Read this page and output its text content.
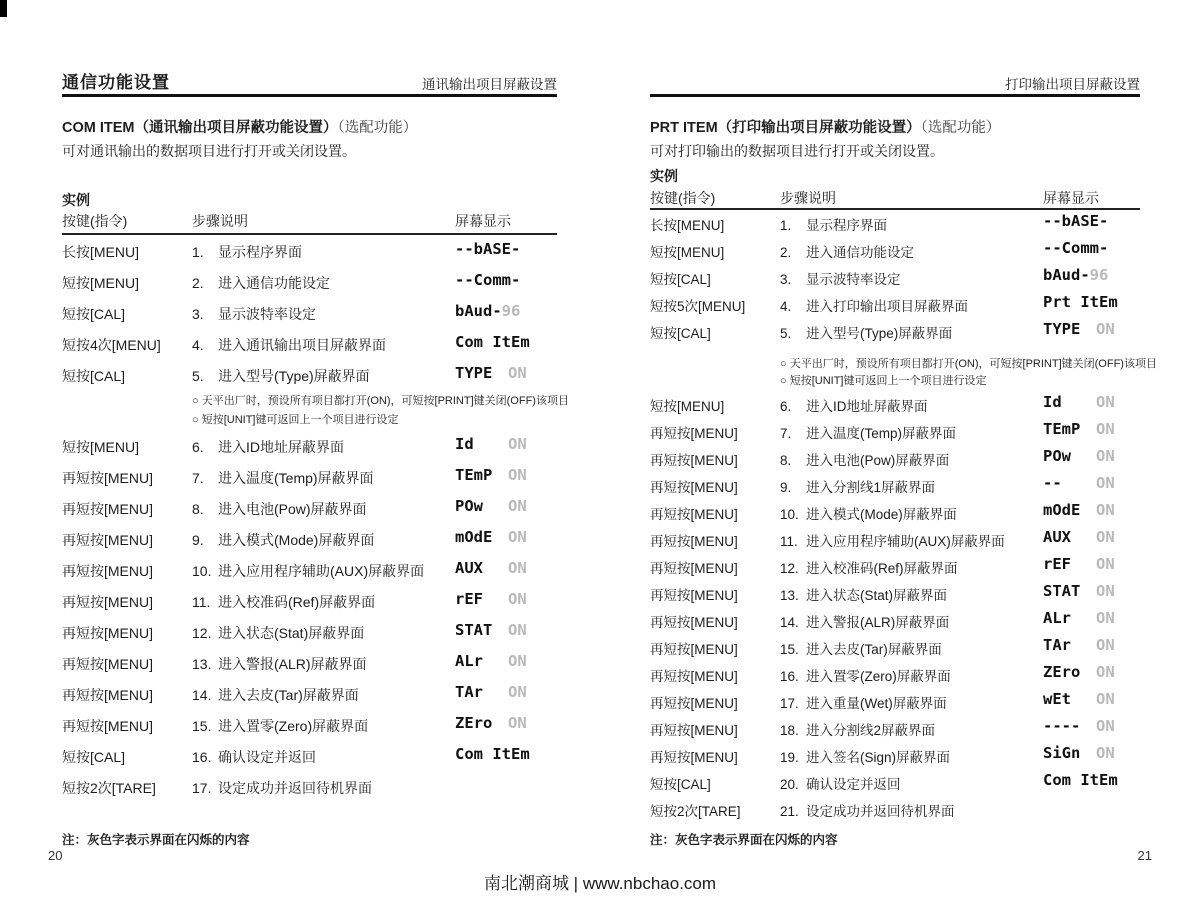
通信功能设置	通讯输出项目屏蔽设置
COM ITEM（通讯输出项目屏蔽功能设置）（选配功能）
可对通讯输出的数据项目进行打开或关闭设置。
实例
按键(指令)	步骤说明	屏幕显示
长按[MENU]	1. 显示程序界面	--bASE-
短按[MENU]	2. 进入通信功能设定	--Comm-
短按[CAL]	3. 显示波特率设定	bAud-96
短按4次[MENU] 4. 进入通讯输出项目屏蔽界面	Com ItEm
短按[CAL]	5. 进入型号(Type)屏蔽界面	TYPE ON
○ 天平出厂时，预设所有项目都打开(ON)，可短按[PRINT]键关闭(OFF)该项目
○ 短按[UNIT]键可返回上一个项目进行设定
短按[MENU]	6. 进入ID地址屏蔽界面	Id ON
再短按[MENU]	7. 进入温度(Temp)屏蔽界面	TEmP ON
再短按[MENU]	8. 进入电池(Pow)屏蔽界面	POw ON
再短按[MENU]	9. 进入模式(Mode)屏蔽界面	mOdE ON
再短按[MENU]	10. 进入应用程序辅助(AUX)屏蔽界面 AUX ON
再短按[MENU]	11. 进入校准码(Ref)屏蔽界面	rEF ON
再短按[MENU]	12. 进入状态(Stat)屏蔽界面	STAT ON
再短按[MENU]	13. 进入警报(ALR)屏蔽界面	ALr ON
再短按[MENU]	14. 进入去皮(Tar)屏蔽界面	TAr ON
再短按[MENU]	15. 进入置零(Zero)屏蔽界面	ZEro ON
短按[CAL]	16. 确认设定并返回	Com ItEm
短按2次[TARE]	17. 设定成功并返回待机界面
注：灰色字表示界面在闪烁的内容
20
打印输出项目屏蔽设置
PRT ITEM（打印输出项目屏蔽功能设置）（选配功能）
可对打印输出的数据项目进行打开或关闭设置。
实例
按键(指令)	步骤说明	屏幕显示
长按[MENU]	1. 显示程序界面	--bASE-
短按[MENU]	2. 进入通信功能设定	--Comm-
短按[CAL]	3. 显示波特率设定	bAud-96
短按5次[MENU]	4. 进入打印输出项目屏蔽界面	Prt ItEm
短按[CAL]	5. 进入型号(Type)屏蔽界面	TYPE ON
○ 天平出厂时，预设所有项目都打开(ON)，可短按[PRINT]键关闭(OFF)该项目
○ 短按[UNIT]键可返回上一个项目进行设定
短按[MENU]	6. 进入ID地址屏蔽界面	Id ON
再短按[MENU]	7. 进入温度(Temp)屏蔽界面	TEmP ON
再短按[MENU]	8. 进入电池(Pow)屏蔽界面	POw ON
再短按[MENU]	9. 进入分割线1屏蔽界面	-- ON
再短按[MENU]	10. 进入模式(Mode)屏蔽界面	mOdE ON
再短按[MENU]	11. 进入应用程序辅助(AUX)屏蔽界面 AUX ON
再短按[MENU]	12. 进入校准码(Ref)屏蔽界面	rEF ON
再短按[MENU]	13. 进入状态(Stat)屏蔽界面	STAT ON
再短按[MENU]	14. 进入警报(ALR)屏蔽界面	ALr ON
再短按[MENU]	15. 进入去皮(Tar)屏蔽界面	TAr ON
再短按[MENU]	16. 进入置零(Zero)屏蔽界面	ZEro ON
再短按[MENU]	17. 进入重量(Wet)屏蔽界面	wEt ON
再短按[MENU]	18. 进入分割线2屏蔽界面	---- ON
再短按[MENU]	19. 进入签名(Sign)屏蔽界面	SiGn ON
短按[CAL]	20. 确认设定并返回	Com ItEm
短按2次[TARE]	21. 设定成功并返回待机界面
注：灰色字表示界面在闪烁的内容
21
南北潮商城 | www.nbchao.com
